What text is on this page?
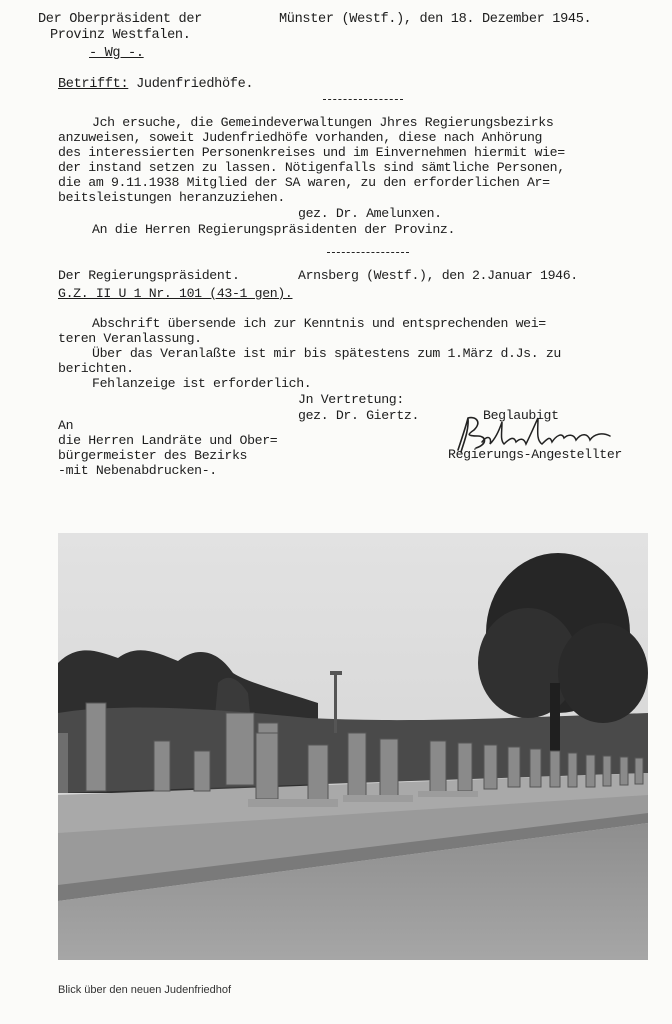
Der Oberpräsident der
Provinz Westfalen.
- Wg -.
Münster (Westf.), den 18. Dezember 1945.
Betrifft: Judenfriedhöfe.
Jch ersuche, die Gemeindeverwaltungen Jhres Regierungsbezirks
anzuweisen, soweit Judenfriedhöfe vorhanden, diese nach Anhörung
des interessierten Personenkreises und im Einvernehmen hiermit wie=
der instand setzen zu lassen. Nötigenfalls sind sämtliche Personen,
die am 9.11.1938 Mitglied der SA waren, zu den erforderlichen Ar=
beitsleistungen heranzuziehen.
gez. Dr. Amelunxen.
An die Herren Regierungspräsidenten der Provinz.
Der Regierungspräsident.	Arnsberg (Westf.), den 2.Januar 1946.
G.Z. II U 1 Nr. 101 (43-1 gen).
Abschrift übersende ich zur Kenntnis und entsprechenden wei=
teren Veranlassung.
Über das Veranlaßte ist mir bis spätestens zum 1.März d.Js. zu
berichten.
Fehlanzeige ist erforderlich.
Jn Vertretung:
gez. Dr. Giertz.	Beglaubigt
An
die Herren Landräte und Ober=
bürgermeister des Bezirks
-mit Nebenabdrucken-.
Regierungs-Angestellter
Blick über den neuen Judenfriedhof
